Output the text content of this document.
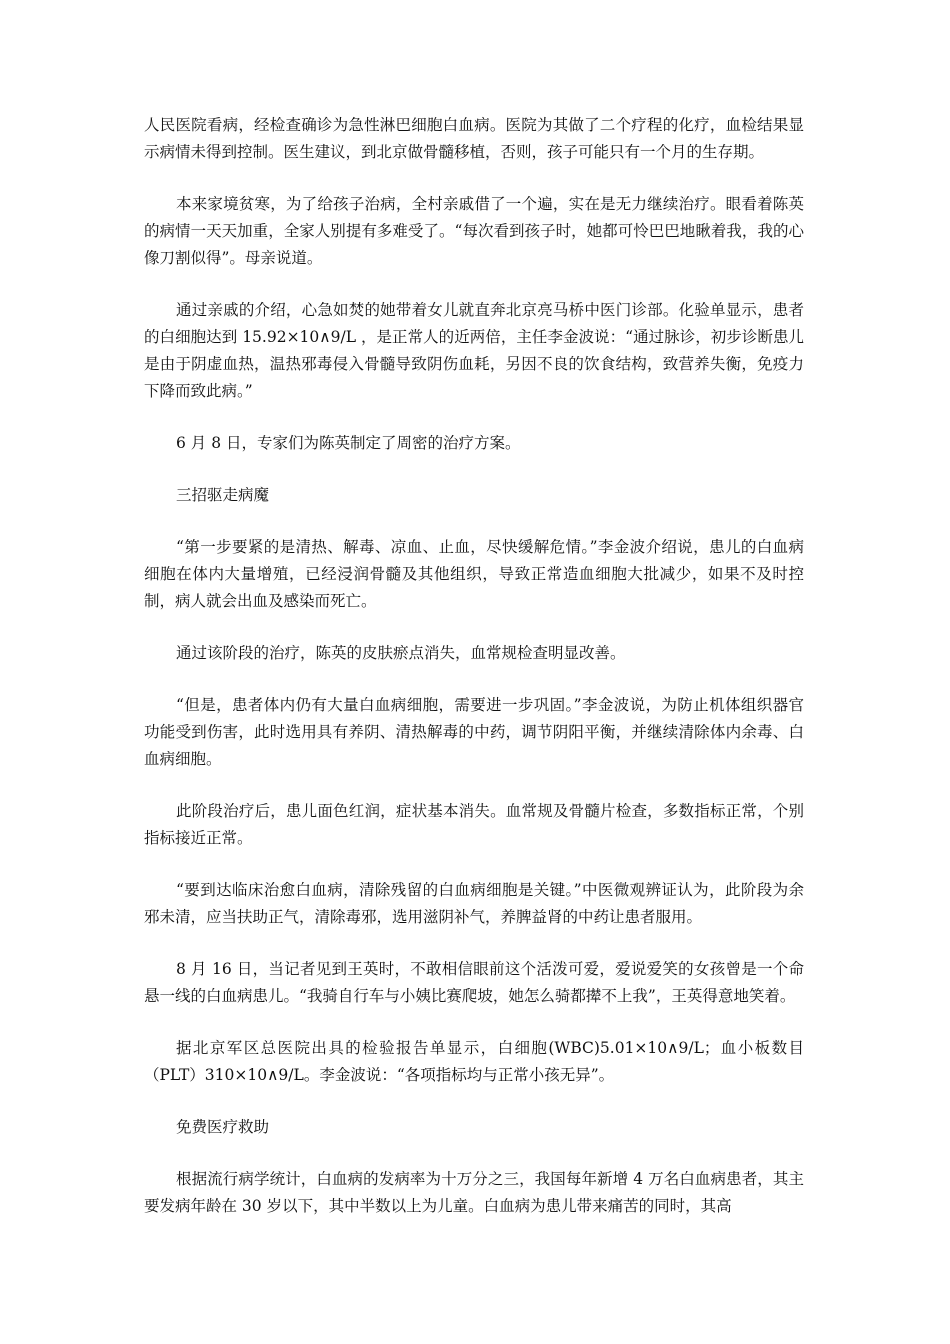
人民医院看病，经检查确诊为急性淋巴细胞白血病。医院为其做了二个疗程的化疗，血检结果显示病情未得到控制。医生建议，到北京做骨髓移植，否则，孩子可能只有一个月的生存期。

本来家境贫寒，为了给孩子治病，全村亲戚借了一个遍，实在是无力继续治疗。眼看着陈英的病情一天天加重，全家人别提有多难受了。“每次看到孩子时，她都可怜巴巴地瞅着我，我的心像刀割似得”。母亲说道。

通过亲戚的介绍，心急如焚的她带着女儿就直奔北京亮马桥中医门诊部。化验单显示，患者的白细胞达到 15.92×10∧9/L ，是正常人的近两倍，主任李金波说：“通过脉诊，初步诊断患儿是由于阴虚血热，温热邪毒侵入骨髓导致阴伤血耗，另因不良的饮食结构，致营养失衡，免疫力下降而致此病。”

6 月 8 日，专家们为陈英制定了周密的治疗方案。

三招驱走病魔

“第一步要紧的是清热、解毒、凉血、止血，尽快缓解危情。”李金波介绍说，患儿的白血病细胞在体内大量增殖，已经浸润骨髓及其他组织，导致正常造血细胞大批减少，如果不及时控制，病人就会出血及感染而死亡。

通过该阶段的治疗，陈英的皮肤瘀点消失，血常规检查明显改善。

“但是，患者体内仍有大量白血病细胞，需要进一步巩固。”李金波说，为防止机体组织器官功能受到伤害，此时选用具有养阴、清热解毒的中药，调节阴阳平衡，并继续清除体内余毒、白血病细胞。

此阶段治疗后，患儿面色红润，症状基本消失。血常规及骨髓片检查，多数指标正常，个别指标接近正常。

“要到达临床治愈白血病，清除残留的白血病细胞是关键。”中医微观辨证认为，此阶段为余邪未清，应当扶助正气，清除毒邪，选用滋阴补气，养脾益肾的中药让患者服用。

8 月 16 日，当记者见到王英时，不敢相信眼前这个活泼可爱，爱说爱笑的女孩曾是一个命悬一线的白血病患儿。“我骑自行车与小姨比赛爬坡，她怎么骑都撵不上我”，王英得意地笑着。

据北京军区总医院出具的检验报告单显示，白细胞(WBC)5.01×10∧9/L；血小板数目（PLT）310×10∧9/L。李金波说：“各项指标均与正常小孩无异”。

免费医疗救助

根据流行病学统计，白血病的发病率为十万分之三，我国每年新增 4 万名白血病患者，其主要发病年龄在 30 岁以下，其中半数以上为儿童。白血病为患儿带来痛苦的同时，其高
